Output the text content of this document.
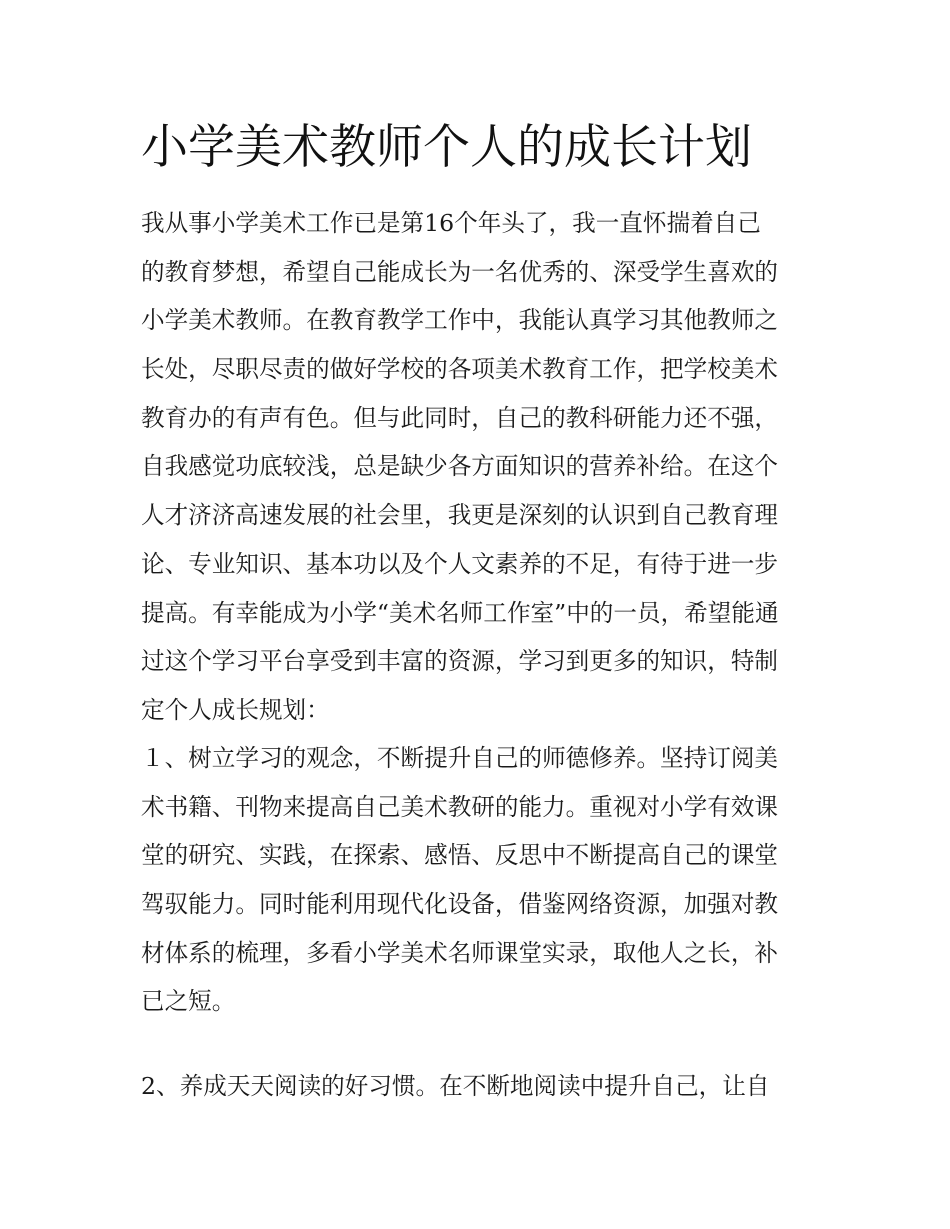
小学美术教师个人的成长计划
我从事小学美术工作已是第16个年头了，我一直怀揣着自己
的教育梦想，希望自己能成长为一名优秀的、深受学生喜欢的
小学美术教师。在教育教学工作中，我能认真学习其他教师之
长处，尽职尽责的做好学校的各项美术教育工作，把学校美术
教育办的有声有色。但与此同时，自己的教科研能力还不强，
自我感觉功底较浅，总是缺少各方面知识的营养补给。在这个
人才济济高速发展的社会里，我更是深刻的认识到自己教育理
论、专业知识、基本功以及个人文素养的不足，有待于进一步
提高。有幸能成为小学“美术名师工作室”中的一员，希望能通
过这个学习平台享受到丰富的资源，学习到更多的知识，特制
定个人成长规划：
１、树立学习的观念，不断提升自己的师德修养。坚持订阅美
术书籍、刊物来提高自己美术教研的能力。重视对小学有效课
堂的研究、实践，在探索、感悟、反思中不断提高自己的课堂
驾驭能力。同时能利用现代化设备，借鉴网络资源，加强对教
材体系的梳理，多看小学美术名师课堂实录，取他人之长，补
已之短。
2、养成天天阅读的好习惯。在不断地阅读中提升自己，让自
